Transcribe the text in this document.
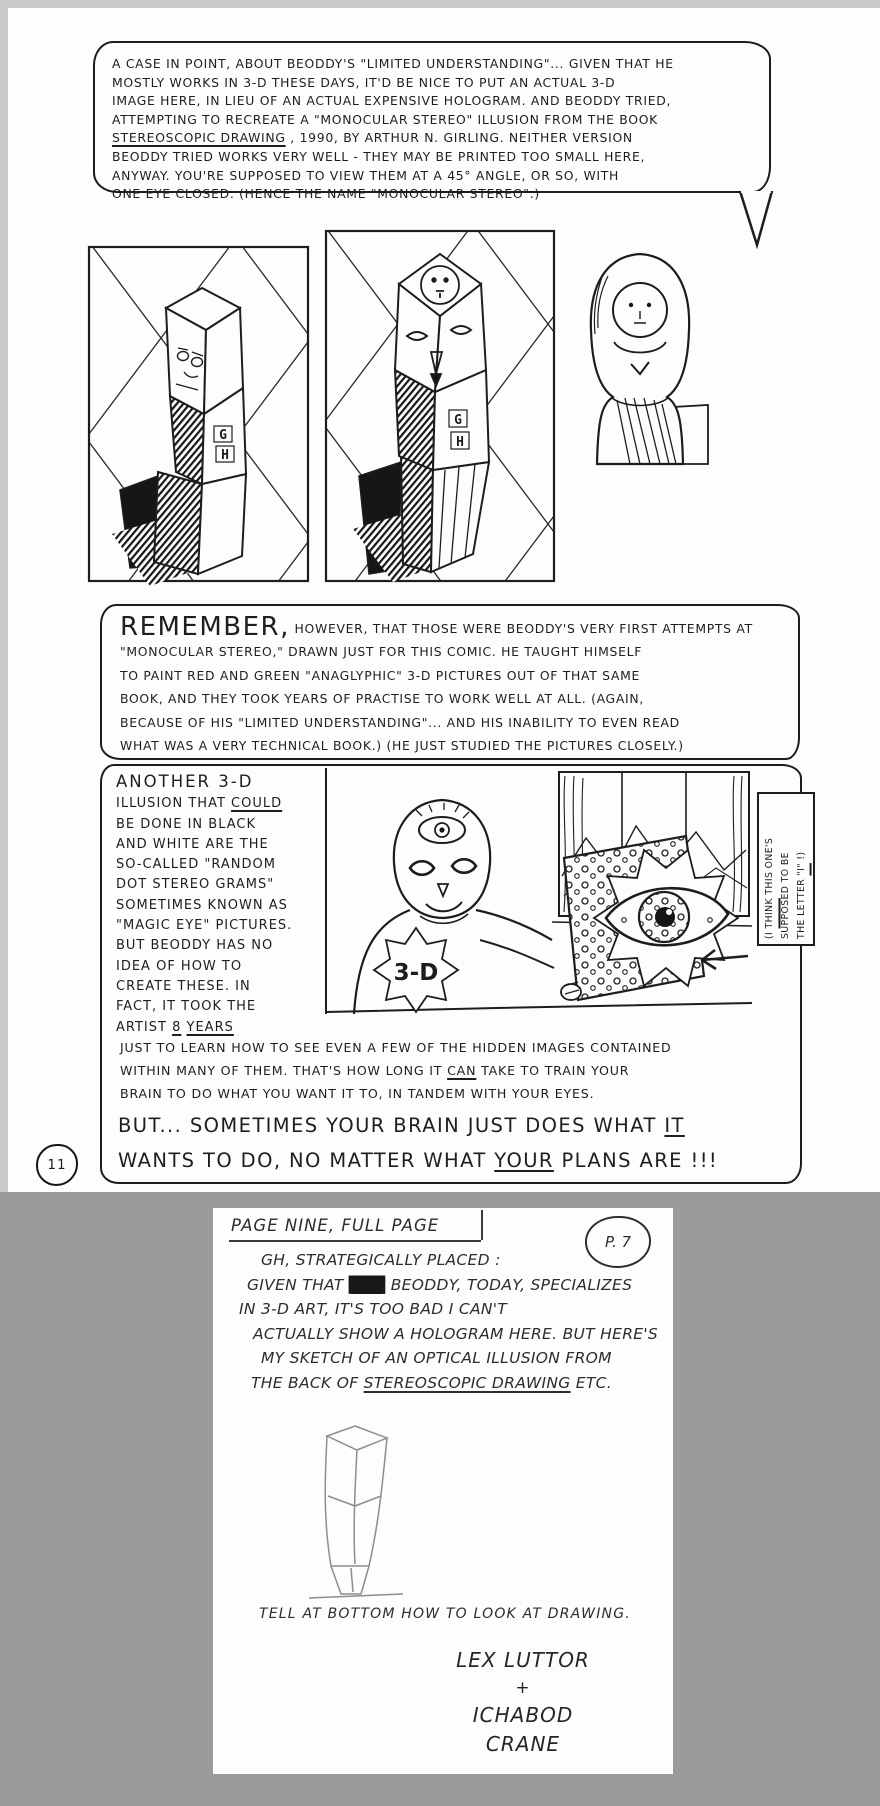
A CASE IN POINT, ABOUT BEODDY'S "LIMITED UNDERSTANDING"... GIVEN THAT HE
MOSTLY WORKS IN 3-D THESE DAYS, IT'D BE NICE TO PUT AN ACTUAL 3-D
IMAGE HERE, IN LIEU OF AN ACTUAL EXPENSIVE HOLOGRAM. AND BEODDY TRIED,
ATTEMPTING TO RECREATE A "MONOCULAR STEREO" ILLUSION FROM THE BOOK
STEREOSCOPIC DRAWING , 1990, BY ARTHUR N. GIRLING. NEITHER VERSION
BEODDY TRIED WORKS VERY WELL - THEY MAY BE PRINTED TOO SMALL HERE,
ANYWAY. YOU'RE SUPPOSED TO VIEW THEM AT A 45° ANGLE, OR SO, WITH
ONE EYE CLOSED. (HENCE THE NAME "MONOCULAR STEREO".)
G
H
G
H
REMEMBER, HOWEVER, THAT THOSE WERE BEODDY'S VERY FIRST ATTEMPTS AT
"MONOCULAR STEREO," DRAWN JUST FOR THIS COMIC. HE TAUGHT HIMSELF
TO PAINT RED AND GREEN "ANAGLYPHIC" 3-D PICTURES OUT OF THAT SAME
BOOK, AND THEY TOOK YEARS OF PRACTISE TO WORK WELL AT ALL. (AGAIN,
BECAUSE OF HIS "LIMITED UNDERSTANDING"... AND HIS INABILITY TO EVEN READ
WHAT WAS A VERY TECHNICAL BOOK.) (HE JUST STUDIED THE PICTURES CLOSELY.)
ANOTHER 3-D
ILLUSION THAT COULD
BE DONE IN BLACK
AND WHITE ARE THE
SO-CALLED "RANDOM
DOT STEREO GRAMS"
SOMETIMES KNOWN AS
"MAGIC EYE" PICTURES.
BUT BEODDY HAS NO
IDEA OF HOW TO
CREATE THESE. IN
FACT, IT TOOK THE
ARTIST 8 YEARS
3-D
(I THINK THIS ONE'S SUPPOSED TO BE THE LETTER "I" !)
JUST TO LEARN HOW TO SEE EVEN A FEW OF THE HIDDEN IMAGES CONTAINED
WITHIN MANY OF THEM. THAT'S HOW LONG IT CAN TAKE TO TRAIN YOUR
BRAIN TO DO WHAT YOU WANT IT TO, IN TANDEM WITH YOUR EYES.
BUT... SOMETIMES YOUR BRAIN JUST DOES WHAT IT
WANTS TO DO, NO MATTER WHAT YOUR PLANS ARE !!!
11
PAGE NINE, FULL PAGE
P. 7
GH, STRATEGICALLY PLACED :
GIVEN THAT ███ BEODDY, TODAY, SPECIALIZES
IN 3-D ART, IT'S TOO BAD I CAN'T
ACTUALLY SHOW A HOLOGRAM HERE. BUT HERE'S
MY SKETCH OF AN OPTICAL ILLUSION FROM
THE BACK OF STEREOSCOPIC DRAWING ETC.
TELL AT BOTTOM HOW TO LOOK AT DRAWING.
LEX LUTTOR
+
ICHABOD
CRANE
